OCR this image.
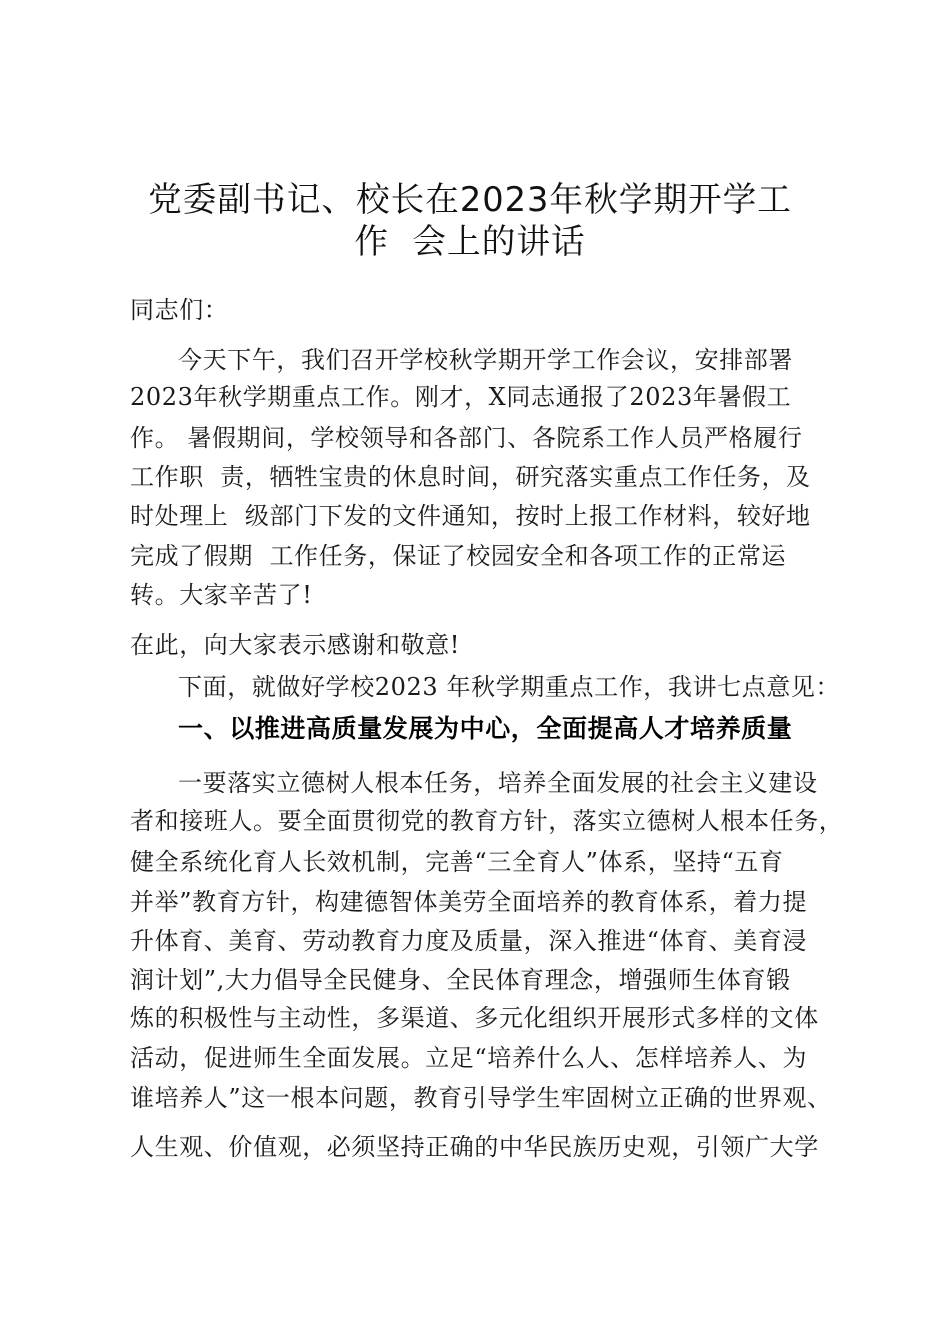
党委副书记、校长在2023年秋学期开学工
作  会上的讲话
同志们：
今天下午，我们召开学校秋学期开学工作会议，安排部署
2023年秋学期重点工作。刚才，X同志通报了2023年暑假工
作。 暑假期间，学校领导和各部门、各院系工作人员严格履行
工作职  责，牺牲宝贵的休息时间，研究落实重点工作任务，及
时处理上  级部门下发的文件通知，按时上报工作材料，较好地
完成了假期  工作任务，保证了校园安全和各项工作的正常运
转。大家辛苦了!
在此，向大家表示感谢和敬意!
下面，就做好学校2023 年秋学期重点工作，我讲七点意见：
一、以推进高质量发展为中心，全面提高人才培养质量
一要落实立德树人根本任务，培养全面发展的社会主义建设
者和接班人。要全面贯彻党的教育方针，落实立德树人根本任务，
健全系统化育人长效机制，完善“三全育人”体系，坚持“五育
并举”教育方针，构建德智体美劳全面培养的教育体系，着力提
升体育、美育、劳动教育力度及质量，深入推进“体育、美育浸
润计划”,大力倡导全民健身、全民体育理念，增强师生体育锻
炼的积极性与主动性，多渠道、多元化组织开展形式多样的文体
活动，促进师生全面发展。立足“培养什么人、怎样培养人、为
谁培养人”这一根本问题，教育引导学生牢固树立正确的世界观、
人生观、价值观，必须坚持正确的中华民族历史观，引领广大学
